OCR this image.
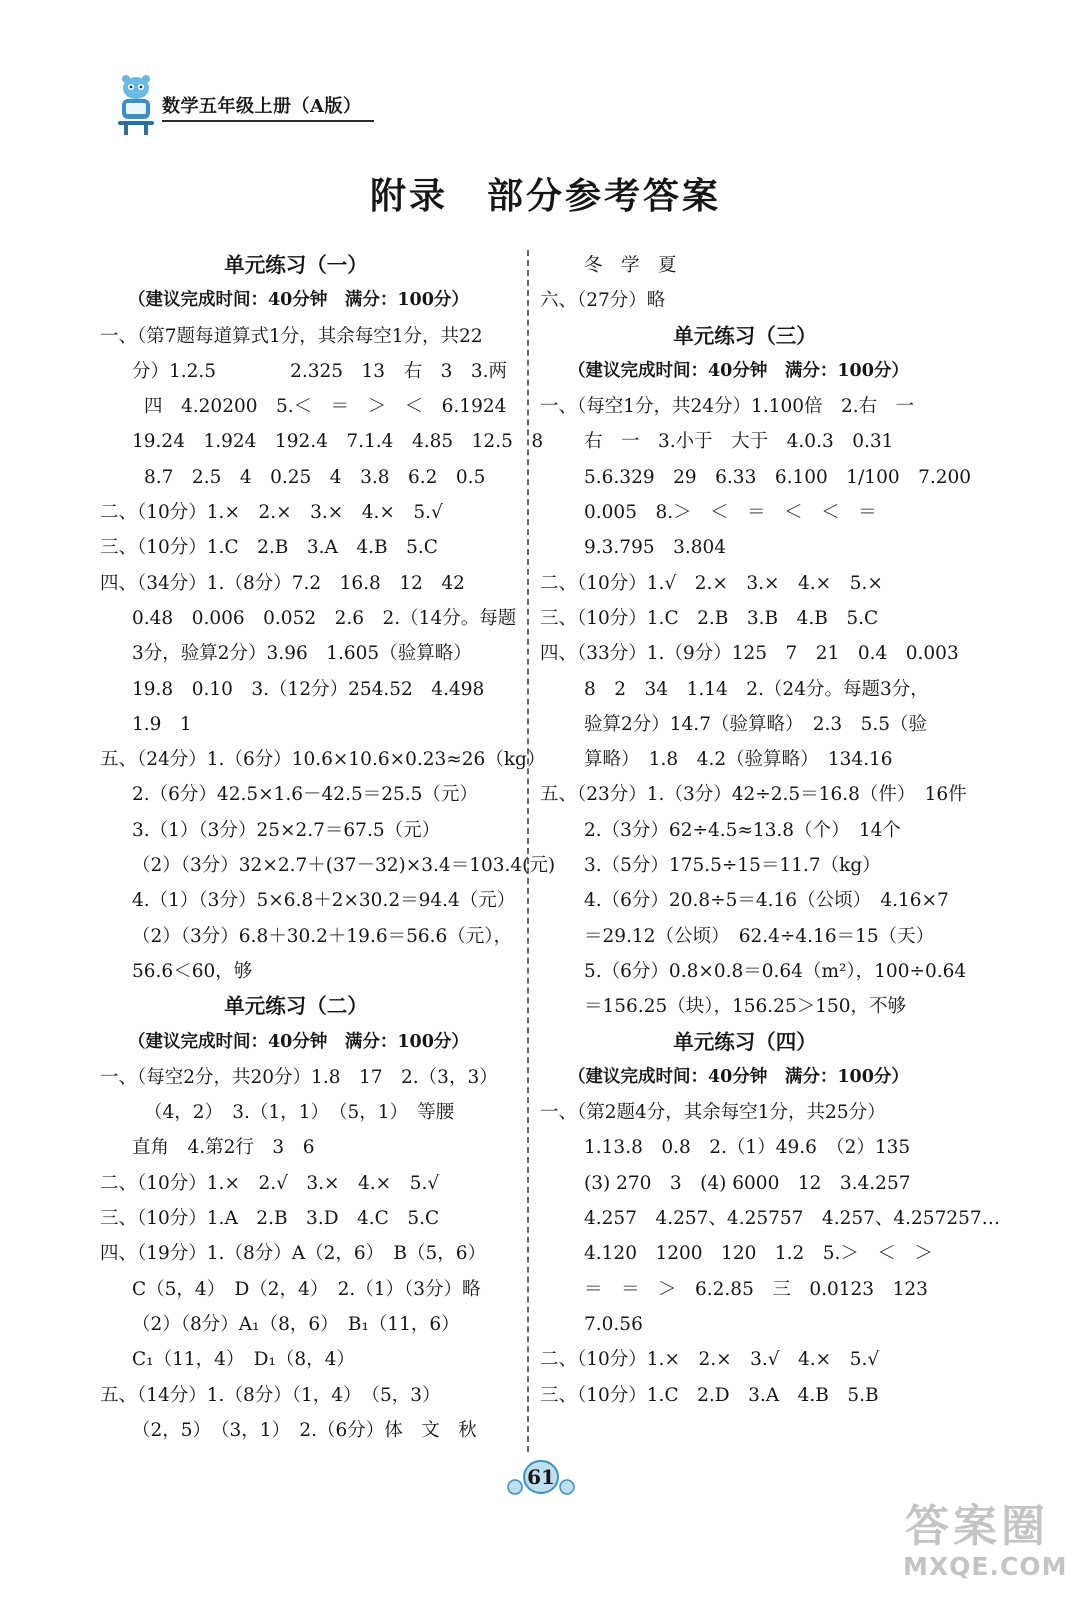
数学五年级上册（A版）
附录　部分参考答案
单元练习（一）
（建议完成时间：40分钟　满分：100分）
一、（第7题每道算式1分，其余每空1分，共22
分）1.2.5　　　　2.325　13　右　3　3.两
四　4.20200　5.＜　＝　＞　＜　6.1924
19.24　1.924　192.4　7.1.4　4.85　12.5　8
8.7　2.5　4　0.25　4　3.8　6.2　0.5
二、（10分）1.×　2.×　3.×　4.×　5.√
三、（10分）1.C　2.B　3.A　4.B　5.C
四、（34分）1.（8分）7.2　16.8　12　42
0.48　0.006　0.052　2.6　2.（14分。每题
3分，验算2分）3.96　1.605（验算略）
19.8　0.10　3.（12分）254.52　4.498
1.9　1
五、（24分）1.（6分）10.6×10.6×0.23≈26（kg）
2.（6分）42.5×1.6－42.5＝25.5（元）
3.（1）（3分）25×2.7＝67.5（元）
（2）（3分）32×2.7＋(37－32)×3.4＝103.4(元)
4.（1）（3分）5×6.8＋2×30.2＝94.4（元）
（2）（3分）6.8＋30.2＋19.6＝56.6（元），
56.6＜60，够
单元练习（二）
（建议完成时间：40分钟　满分：100分）
一、（每空2分，共20分）1.8　17　2.（3，3）
（4，2）　3.（1，1）　（5，1）　等腰
直角　4.第2行　3　6
二、（10分）1.×　2.√　3.×　4.×　5.√
三、（10分）1.A　2.B　3.D　4.C　5.C
四、（19分）1.（8分）A（2，6）　B（5，6）
C（5，4）　D（2，4）　2.（1）（3分）略
（2）（8分）A₁（8，6）　B₁（11，6）
C₁（11，4）　D₁（8，4）
五、（14分）1.（8分）（1，4）　（5，3）
（2，5）　（3，1）　2.（6分）体　文　秋
冬　学　夏
六、（27分）略
单元练习（三）
（建议完成时间：40分钟　满分：100分）
一、（每空1分，共24分）1.100倍　2.右　一
右　一　3.小于　大于　4.0.3　0.31
5.6.329　29　6.33　6.100　1/100　7.200
0.005　8.＞　＜　＝　＜　＜　＝
9.3.795　3.804
二、（10分）1.√　2.×　3.×　4.×　5.×
三、（10分）1.C　2.B　3.B　4.B　5.C
四、（33分）1.（9分）125　7　21　0.4　0.003
8　2　34　1.14　2.（24分。每题3分，
验算2分）14.7（验算略）　2.3　5.5（验
算略）　1.8　4.2（验算略）　134.16
五、（23分）1.（3分）42÷2.5＝16.8（件）　16件
2.（3分）62÷4.5≈13.8（个）　14个
3.（5分）175.5÷15＝11.7（kg）
4.（6分）20.8÷5＝4.16（公顷）　4.16×7
＝29.12（公顷）　62.4÷4.16＝15（天）
5.（6分）0.8×0.8＝0.64（m²），100÷0.64
＝156.25（块），156.25＞150，不够
单元练习（四）
（建议完成时间：40分钟　满分：100分）
一、（第2题4分，其余每空1分，共25分）
1.13.8　0.8　2.（1）49.6　（2）135
(3) 270　3　(4) 6000　12　3.4.257
4.257　4.257、4.25757　4.257、4.257257…
4.120　1200　120　1.2　5.＞　＜　＞
＝　＝　＞　6.2.85　三　0.0123　123
7.0.56
二、（10分）1.×　2.×　3.√　4.×　5.√
三、（10分）1.C　2.D　3.A　4.B　5.B
61
答案圈
MXQE.COM
